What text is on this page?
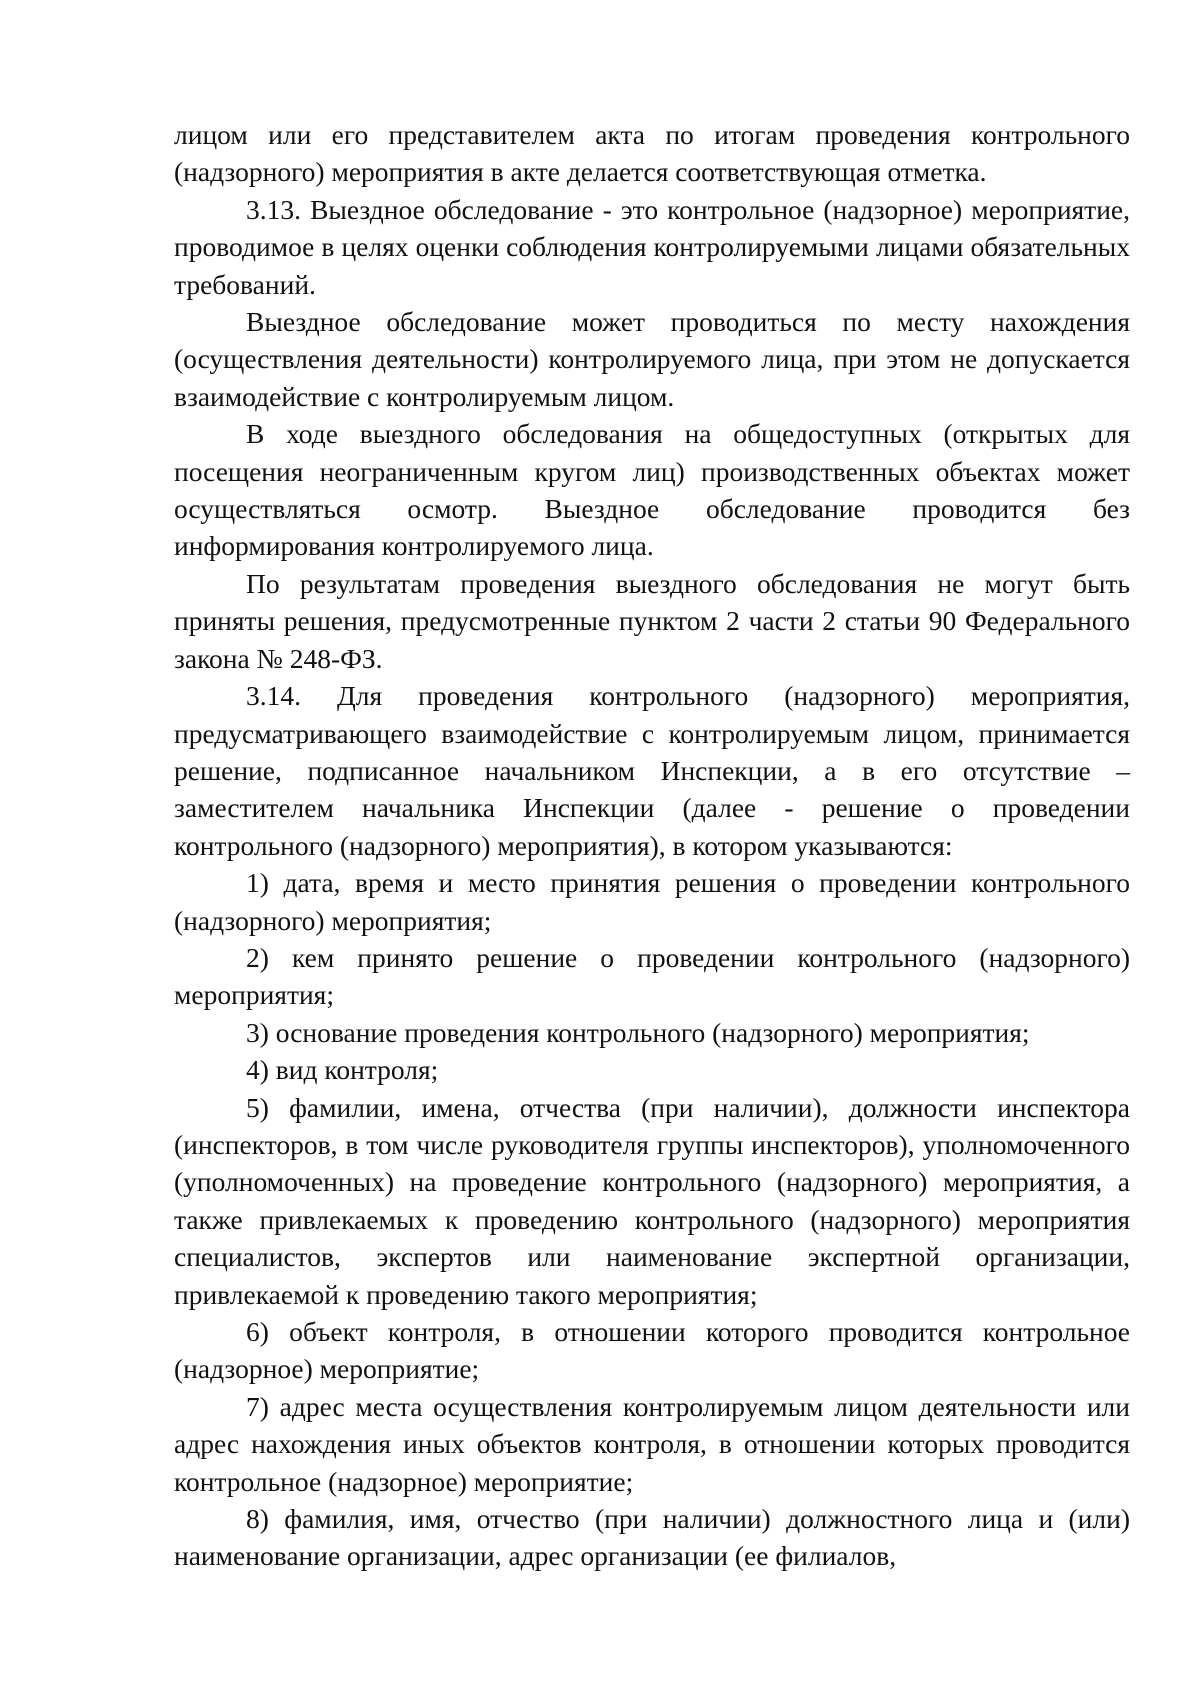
лицом или его представителем акта по итогам проведения контрольного (надзорного) мероприятия в акте делается соответствующая отметка.

3.13. Выездное обследование - это контрольное (надзорное) мероприятие, проводимое в целях оценки соблюдения контролируемыми лицами обязательных требований.

Выездное обследование может проводиться по месту нахождения (осуществления деятельности) контролируемого лица, при этом не допускается взаимодействие с контролируемым лицом.

В ходе выездного обследования на общедоступных (открытых для посещения неограниченным кругом лиц) производственных объектах может осуществляться осмотр. Выездное обследование проводится без информирования контролируемого лица.

По результатам проведения выездного обследования не могут быть приняты решения, предусмотренные пунктом 2 части 2 статьи 90 Федерального закона № 248-ФЗ.

3.14. Для проведения контрольного (надзорного) мероприятия, предусматривающего взаимодействие с контролируемым лицом, принимается решение, подписанное начальником Инспекции, а в его отсутствие – заместителем начальника Инспекции (далее - решение о проведении контрольного (надзорного) мероприятия), в котором указываются:

1) дата, время и место принятия решения о проведении контрольного (надзорного) мероприятия;

2) кем принято решение о проведении контрольного (надзорного) мероприятия;

3) основание проведения контрольного (надзорного) мероприятия;

4) вид контроля;

5) фамилии, имена, отчества (при наличии), должности инспектора (инспекторов, в том числе руководителя группы инспекторов), уполномоченного (уполномоченных) на проведение контрольного (надзорного) мероприятия, а также привлекаемых к проведению контрольного (надзорного) мероприятия специалистов, экспертов или наименование экспертной организации, привлекаемой к проведению такого мероприятия;

6) объект контроля, в отношении которого проводится контрольное (надзорное) мероприятие;

7) адрес места осуществления контролируемым лицом деятельности или адрес нахождения иных объектов контроля, в отношении которых проводится контрольное (надзорное) мероприятие;

8) фамилия, имя, отчество (при наличии) должностного лица и (или) наименование организации, адрес организации (ее филиалов,
